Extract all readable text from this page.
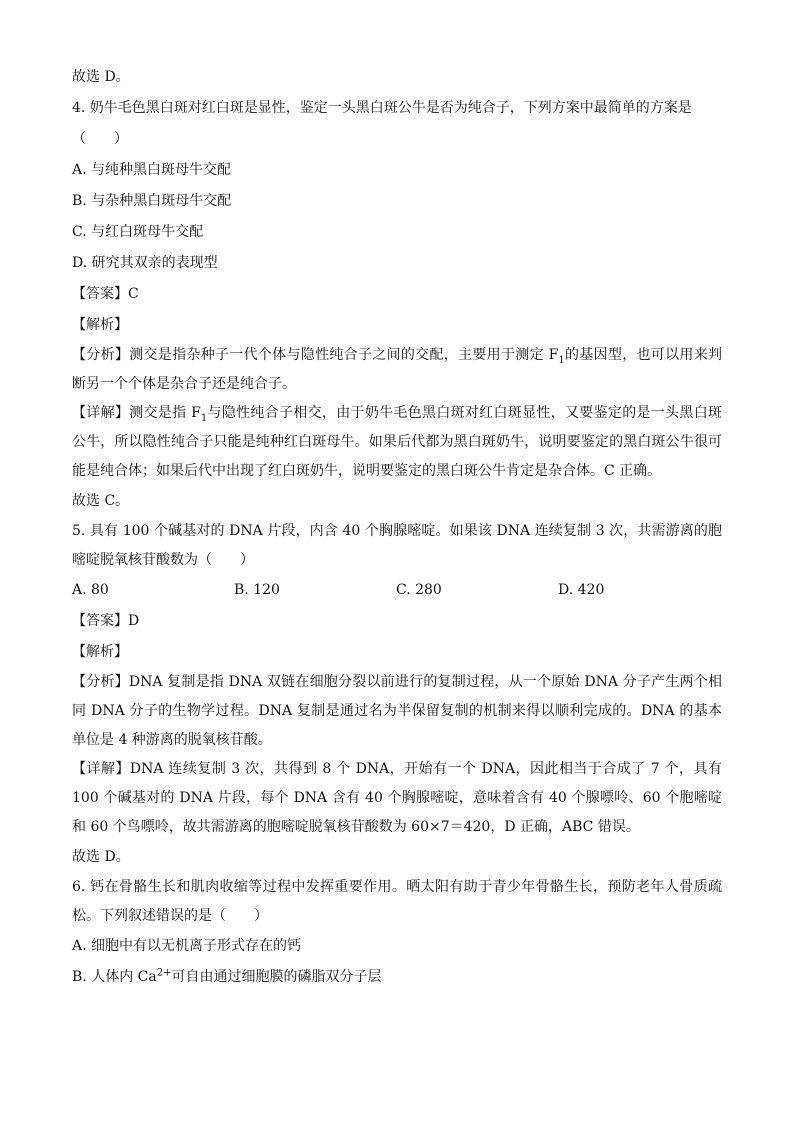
故选 D。
4. 奶牛毛色黑白斑对红白斑是显性，鉴定一头黑白斑公牛是否为纯合子，下列方案中最简单的方案是
（　　）
A. 与纯种黑白斑母牛交配
B. 与杂种黑白斑母牛交配
C. 与红白斑母牛交配
D. 研究其双亲的表现型
【答案】C
【解析】
【分析】测交是指杂种子一代个体与隐性纯合子之间的交配，主要用于测定 $F_1$的基因型，也可以用来判断另一个个体是杂合子还是纯合子。
【详解】测交是指 $F_1$与隐性纯合子相交，由于奶牛毛色黑白斑对红白斑显性，又要鉴定的是一头黑白斑公牛，所以隐性纯合子只能是纯种红白斑母牛。如果后代都为黑白斑奶牛，说明要鉴定的黑白斑公牛很可能是纯合体；如果后代中出现了红白斑奶牛，说明要鉴定的黑白斑公牛肯定是杂合体。C 正确。
故选 C。
5. 具有 100 个碱基对的 DNA 片段，内含 40 个胸腺嘧啶。如果该 DNA 连续复制 3 次，共需游离的胞嘧啶脱氧核苷酸数为（　　）
A. 80	B. 120	C. 280	D. 420
【答案】D
【解析】
【分析】DNA 复制是指 DNA 双链在细胞分裂以前进行的复制过程，从一个原始 DNA 分子产生两个相同 DNA 分子的生物学过程。DNA 复制是通过名为半保留复制的机制来得以顺利完成的。DNA 的基本单位是 4 种游离的脱氧核苷酸。
【详解】DNA 连续复制 3 次，共得到 8 个 DNA，开始有一个 DNA，因此相当于合成了 7 个，具有 100 个碱基对的 DNA 片段，每个 DNA 含有 40 个胸腺嘧啶，意味着含有 40 个腺嘌呤、60 个胞嘧啶和 60 个鸟嘌呤，故共需游离的胞嘧啶脱氧核苷酸数为 60×7＝420，D 正确，ABC 错误。
故选 D。
6. 钙在骨骼生长和肌肉收缩等过程中发挥重要作用。晒太阳有助于青少年骨骼生长，预防老年人骨质疏松。下列叙述错误的是（　　）
A. 细胞中有以无机离子形式存在的钙
B. 人体内 $Ca^{2+}$可自由通过细胞膜的磷脂双分子层
